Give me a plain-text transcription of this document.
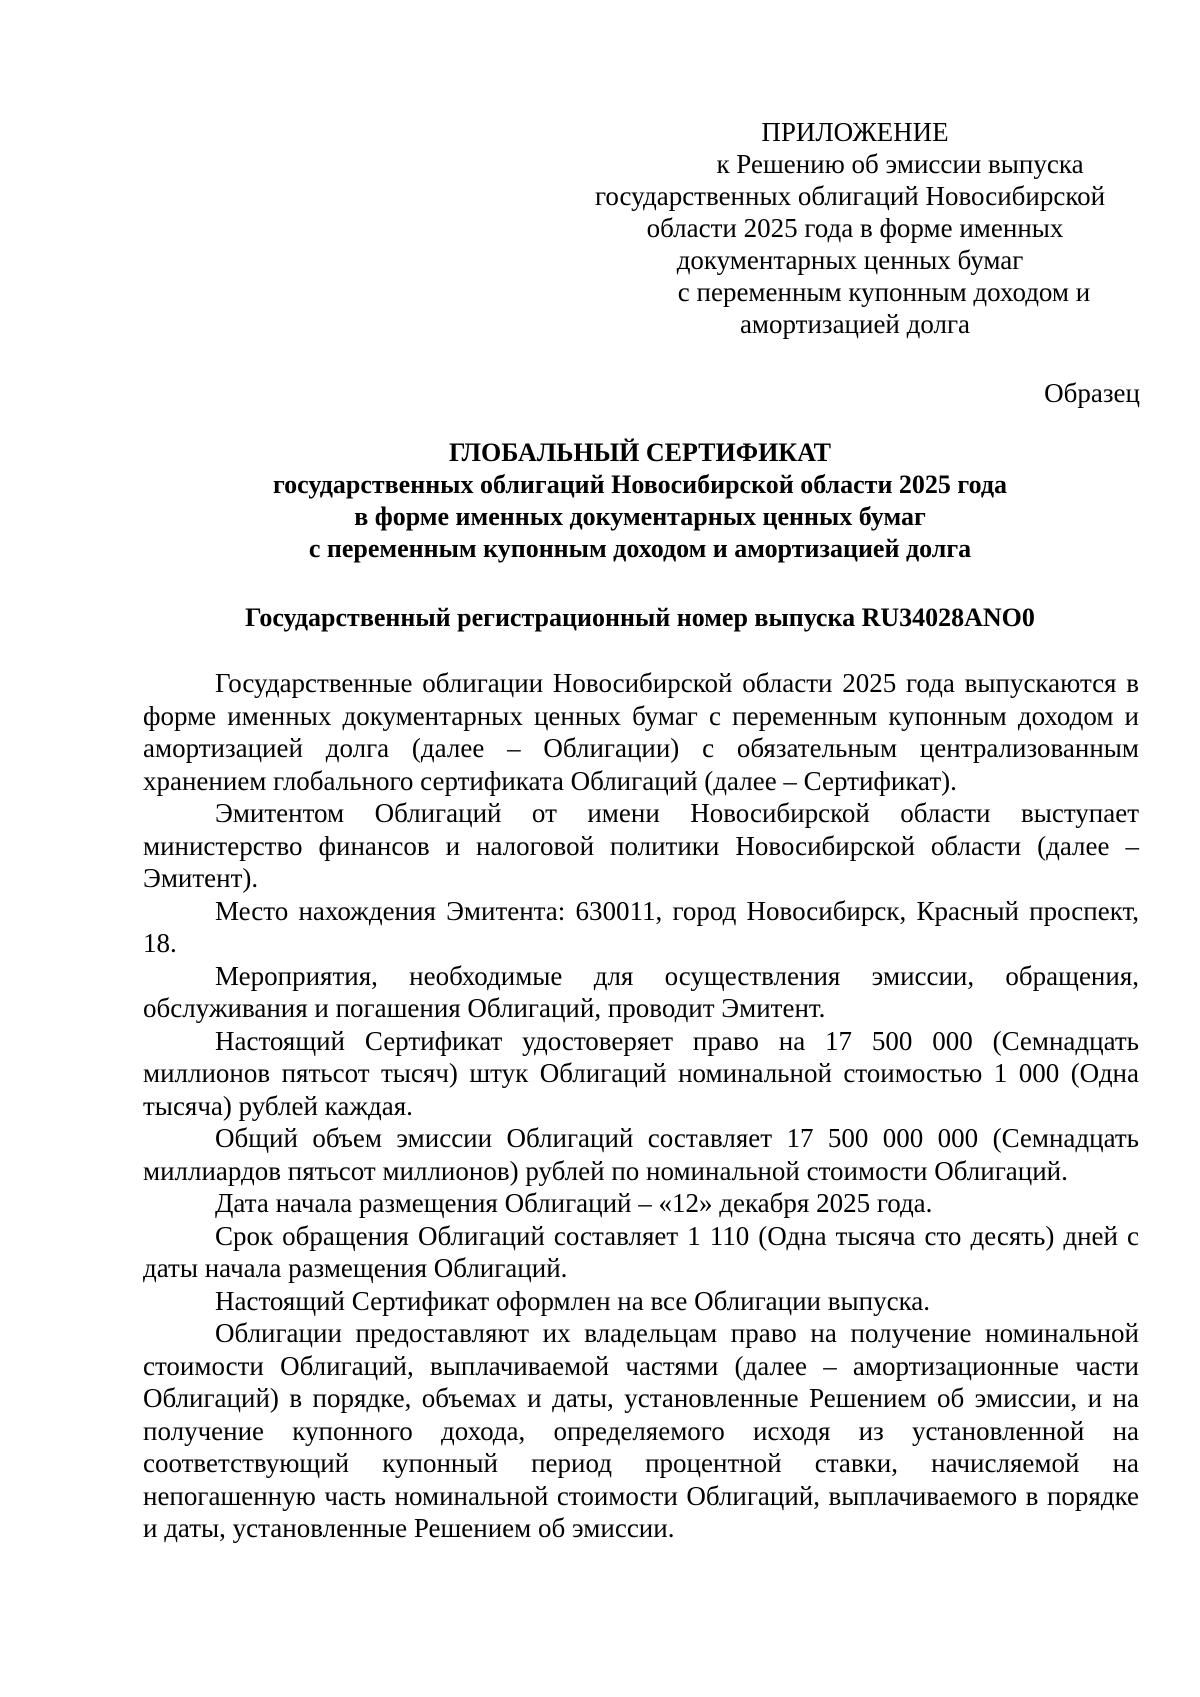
ПРИЛОЖЕНИЕ
к Решению об эмиссии выпуска
государственных облигаций Новосибирской
области 2025 года в форме именных
документарных ценных бумаг
с переменным купонным доходом и
амортизацией долга
Образец
ГЛОБАЛЬНЫЙ СЕРТИФИКАТ
государственных облигаций Новосибирской области 2025 года
в форме именных документарных ценных бумаг
с переменным купонным доходом и амортизацией долга
Государственный регистрационный номер выпуска RU34028ANO0

Государственные облигации Новосибирской области 2025 года выпускаются в форме именных документарных ценных бумаг с переменным купонным доходом и амортизацией долга (далее – Облигации) с обязательным централизованным хранением глобального сертификата Облигаций (далее – Сертификат).

Эмитентом Облигаций от имени Новосибирской области выступает министерство финансов и налоговой политики Новосибирской области (далее – Эмитент).

Место нахождения Эмитента: 630011, город Новосибирск, Красный проспект, 18.

Мероприятия, необходимые для осуществления эмиссии, обращения, обслуживания и погашения Облигаций, проводит Эмитент.

Настоящий Сертификат удостоверяет право на 17 500 000 (Семнадцать миллионов пятьсот тысяч) штук Облигаций номинальной стоимостью 1 000 (Одна тысяча) рублей каждая.

Общий объем эмиссии Облигаций составляет 17 500 000 000 (Семнадцать миллиардов пятьсот миллионов) рублей по номинальной стоимости Облигаций.

Дата начала размещения Облигаций – «12» декабря 2025 года.

Срок обращения Облигаций составляет 1 110 (Одна тысяча сто десять) дней с даты начала размещения Облигаций.

Настоящий Сертификат оформлен на все Облигации выпуска.

Облигации предоставляют их владельцам право на получение номинальной стоимости Облигаций, выплачиваемой частями (далее – амортизационные части Облигаций) в порядке, объемах и даты, установленные Решением об эмиссии, и на получение купонного дохода, определяемого исходя из установленной на соответствующий купонный период процентной ставки, начисляемой на непогашенную часть номинальной стоимости Облигаций, выплачиваемого в порядке и даты, установленные Решением об эмиссии.
